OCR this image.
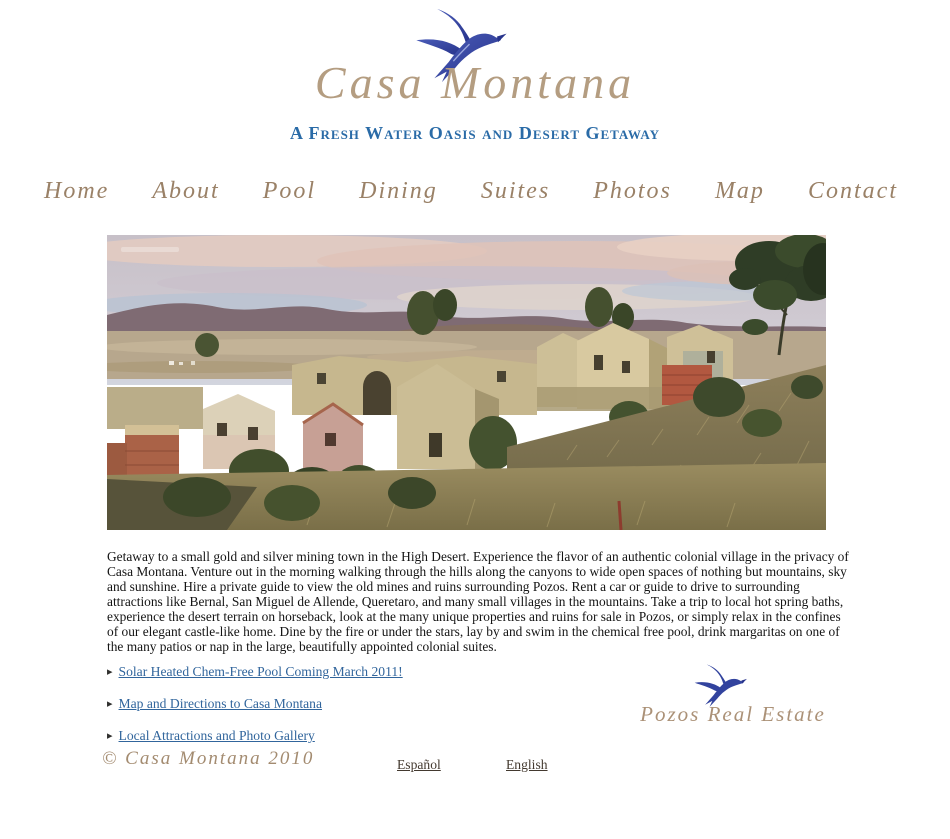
Casa Montana
A Fresh Water Oasis and Desert Getaway
Home About Pool Dining Suites Photos Map Contact

Getaway to a small gold and silver mining town in the High Desert. Experience the flavor of an authentic colonial village in the privacy of Casa Montana. Venture out in the morning walking through the hills along the canyons to wide open spaces of nothing but mountains, sky and sunshine. Hire a private guide to view the old mines and ruins surrounding Pozos. Rent a car or guide to drive to surrounding attractions like Bernal, San Miguel de Allende, Queretaro, and many small villages in the mountains. Take a trip to local hot spring baths, experience the desert terrain on horseback, look at the many unique properties and ruins for sale in Pozos, or simply relax in the confines of our elegant castle-like home. Dine by the fire or under the stars, lay by and swim in the chemical free pool, drink margaritas on one of the many patios or nap in the large, beautifully appointed colonial suites.

▸ Solar Heated Chem-Free Pool Coming March 2011!
▸ Map and Directions to Casa Montana
▸ Local Attractions and Photo Gallery
Pozos Real Estate
© Casa Montana 2010	Español	English
